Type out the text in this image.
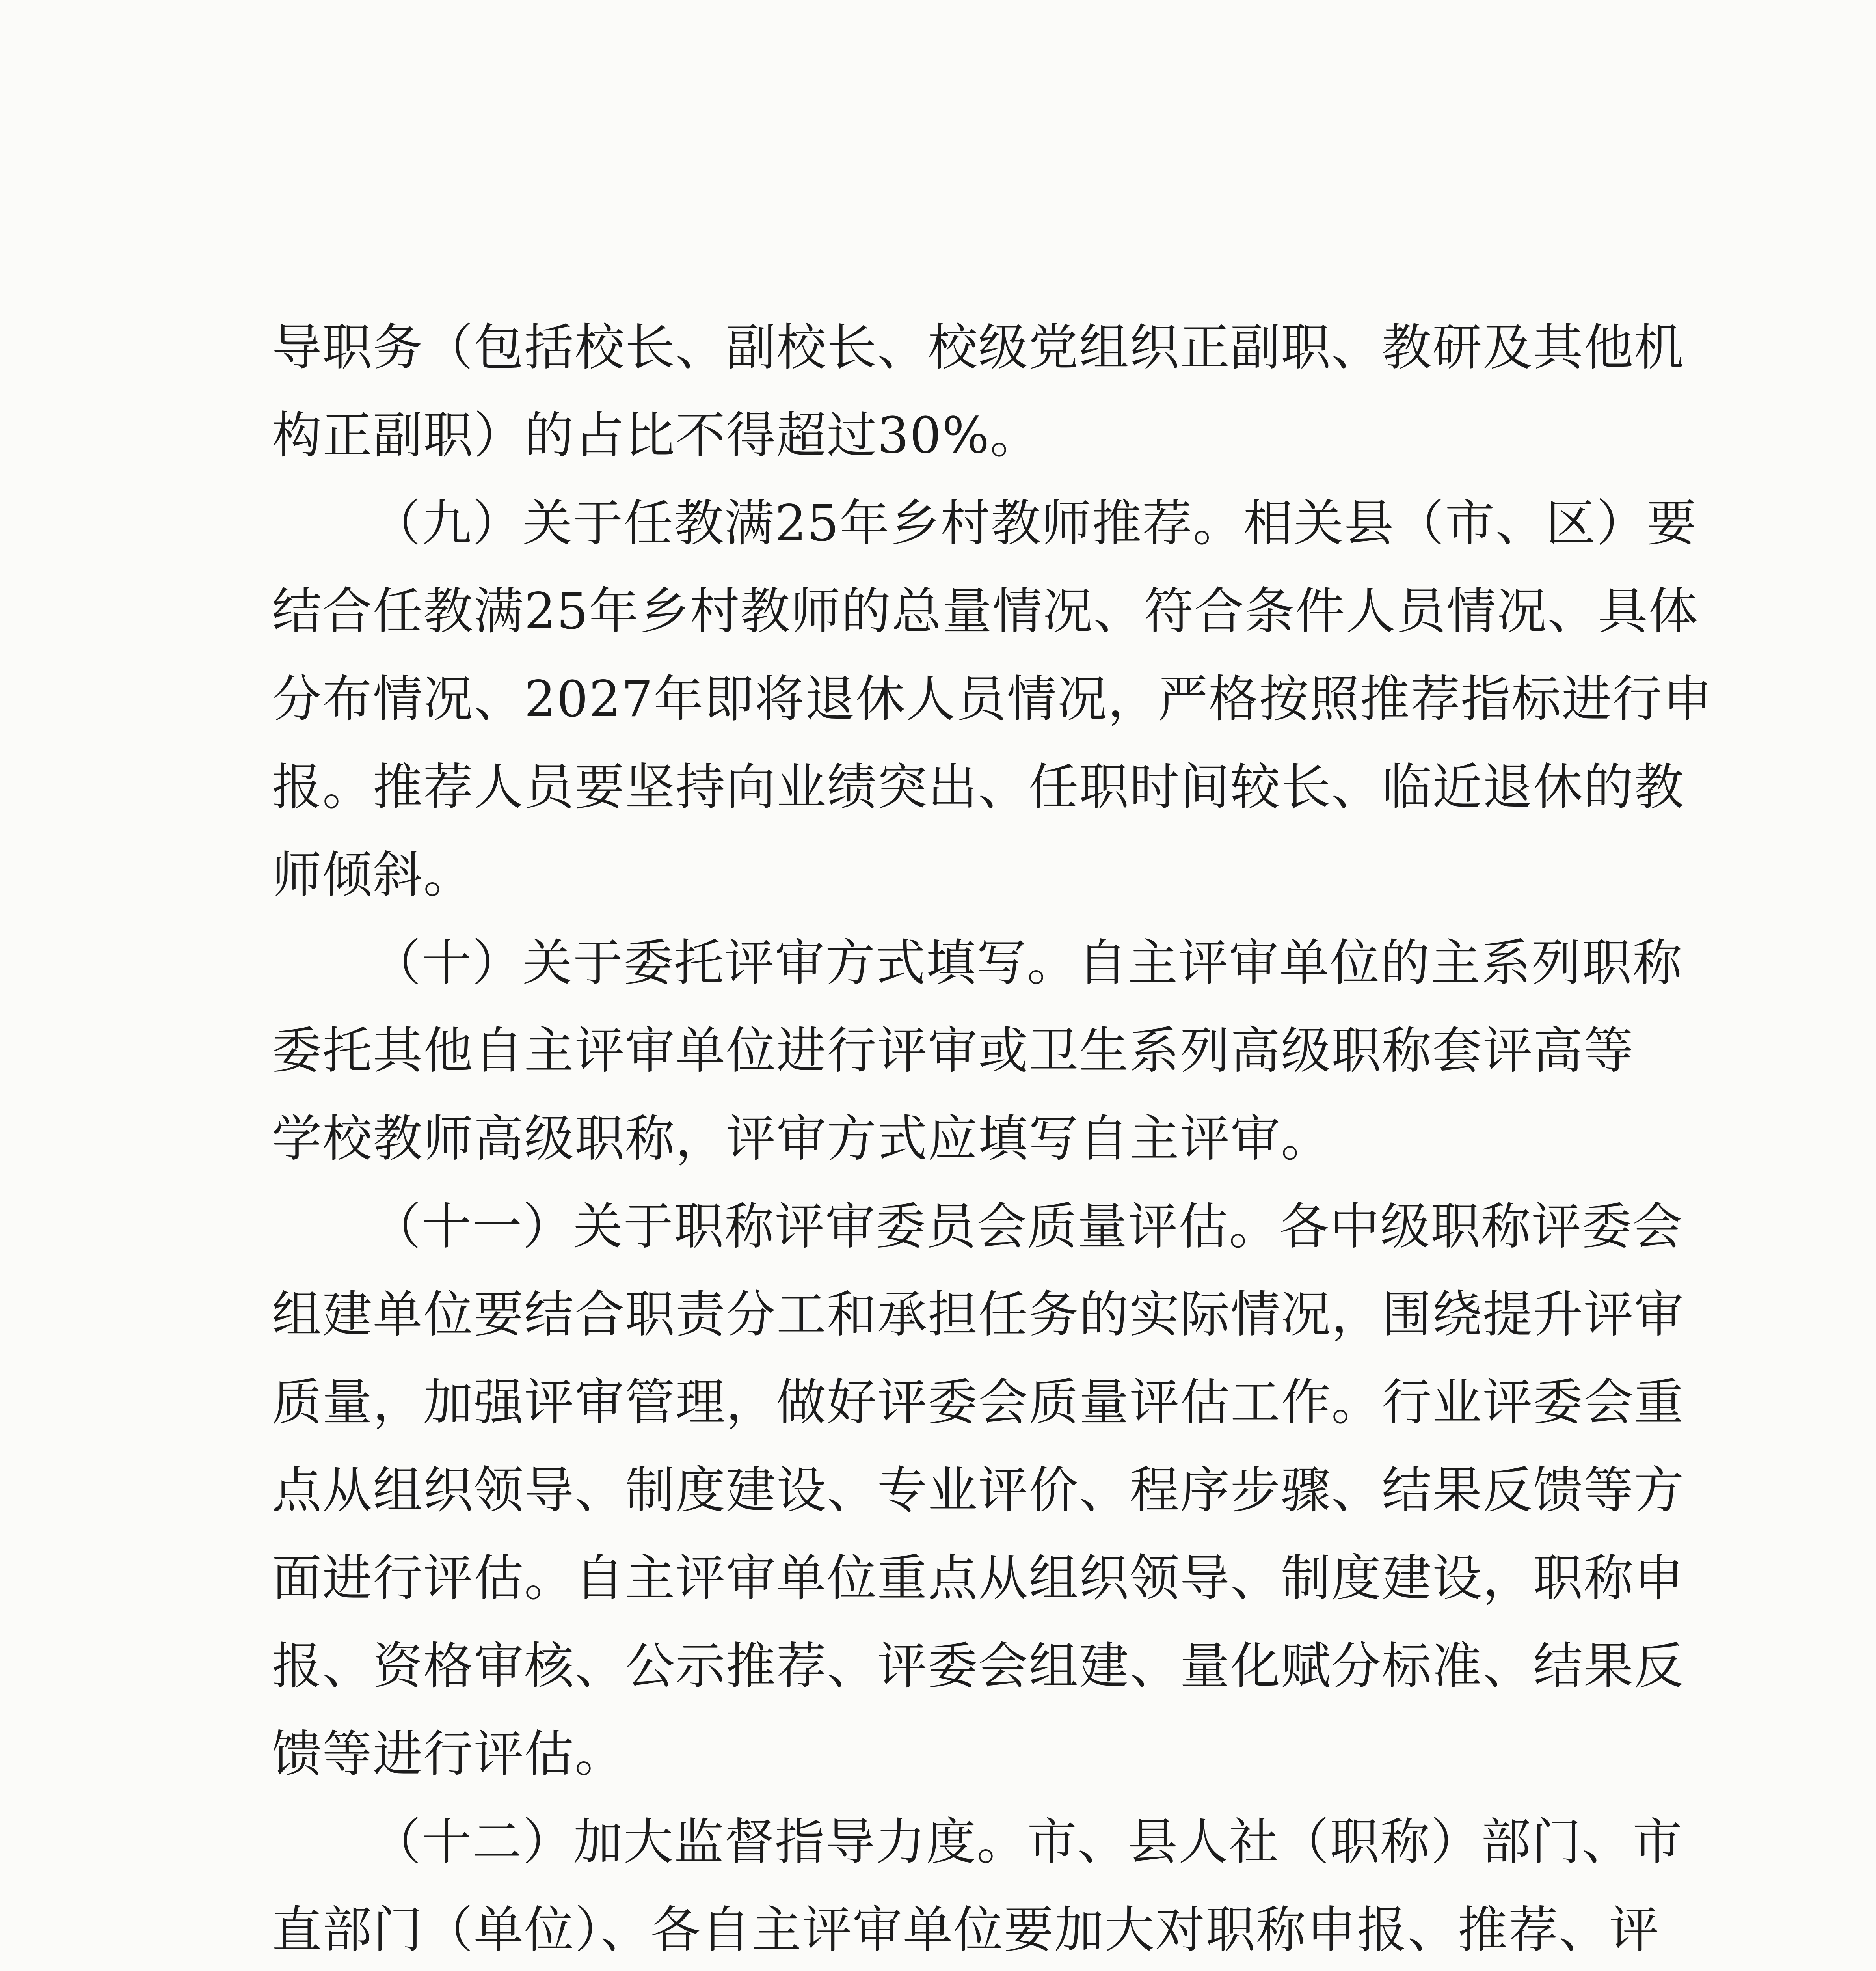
导职务（包括校长、副校长、校级党组织正副职、教研及其他机
构正副职）的占比不得超过30%。
（九）关于任教满25年乡村教师推荐。相关县（市、区）要
结合任教满25年乡村教师的总量情况、符合条件人员情况、具体
分布情况、2027年即将退休人员情况，严格按照推荐指标进行申
报。推荐人员要坚持向业绩突出、任职时间较长、临近退休的教
师倾斜。
（十）关于委托评审方式填写。自主评审单位的主系列职称
委托其他自主评审单位进行评审或卫生系列高级职称套评高等
学校教师高级职称，评审方式应填写自主评审。
（十一）关于职称评审委员会质量评估。各中级职称评委会
组建单位要结合职责分工和承担任务的实际情况，围绕提升评审
质量，加强评审管理，做好评委会质量评估工作。行业评委会重
点从组织领导、制度建设、专业评价、程序步骤、结果反馈等方
面进行评估。自主评审单位重点从组织领导、制度建设，职称申
报、资格审核、公示推荐、评委会组建、量化赋分标准、结果反
馈等进行评估。
（十二）加大监督指导力度。市、县人社（职称）部门、市
直部门（单位）、各自主评审单位要加大对职称申报、推荐、评
